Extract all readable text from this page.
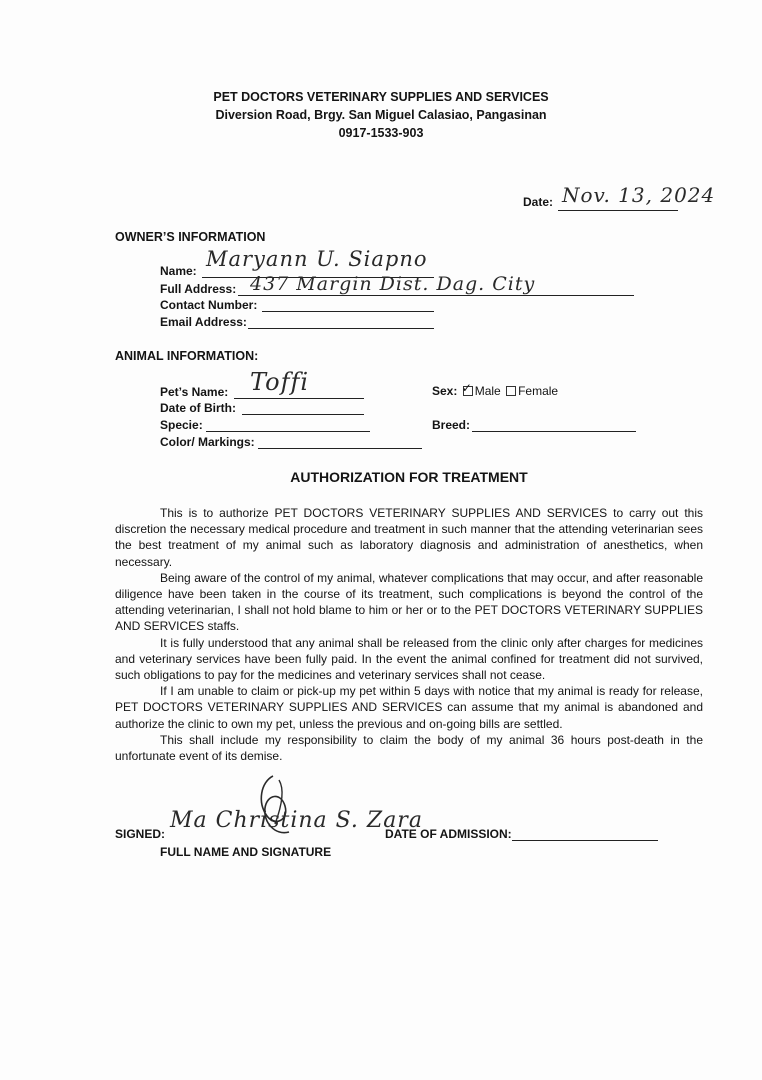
PET DOCTORS VETERINARY SUPPLIES AND SERVICES
Diversion Road, Brgy. San Miguel Calasiao, Pangasinan
0917-1533-903
Date: Nov. 13, 2024
OWNER’S INFORMATION
Name: Maryann U. Siapno
Full Address: 437 Margin Dist. Dag. City
Contact Number:
Email Address:
ANIMAL INFORMATION:
Pet’s Name: Toffi
Date of Birth:
Specie:
Color/ Markings:
Sex: ✓ Male Female
Breed:
AUTHORIZATION FOR TREATMENT

This is to authorize PET DOCTORS VETERINARY SUPPLIES AND SERVICES to carry out this discretion the necessary medical procedure and treatment in such manner that the attending veterinarian sees the best treatment of my animal such as laboratory diagnosis and administration of anesthetics, when necessary.

Being aware of the control of my animal, whatever complications that may occur, and after reasonable diligence have been taken in the course of its treatment, such complications is beyond the control of the attending veterinarian, I shall not hold blame to him or her or to the PET DOCTORS VETERINARY SUPPLIES AND SERVICES staffs.

It is fully understood that any animal shall be released from the clinic only after charges for medicines and veterinary services have been fully paid. In the event the animal confined for treatment did not survived, such obligations to pay for the medicines and veterinary services shall not cease.

If I am unable to claim or pick-up my pet within 5 days with notice that my animal is ready for release, PET DOCTORS VETERINARY SUPPLIES AND SERVICES can assume that my animal is abandoned and authorize the clinic to own my pet, unless the previous and on-going bills are settled.

This shall include my responsibility to claim the body of my animal 36 hours post-death in the unfortunate event of its demise.

SIGNED:
Ma Christina S. Zara
FULL NAME AND SIGNATURE
DATE OF ADMISSION:
